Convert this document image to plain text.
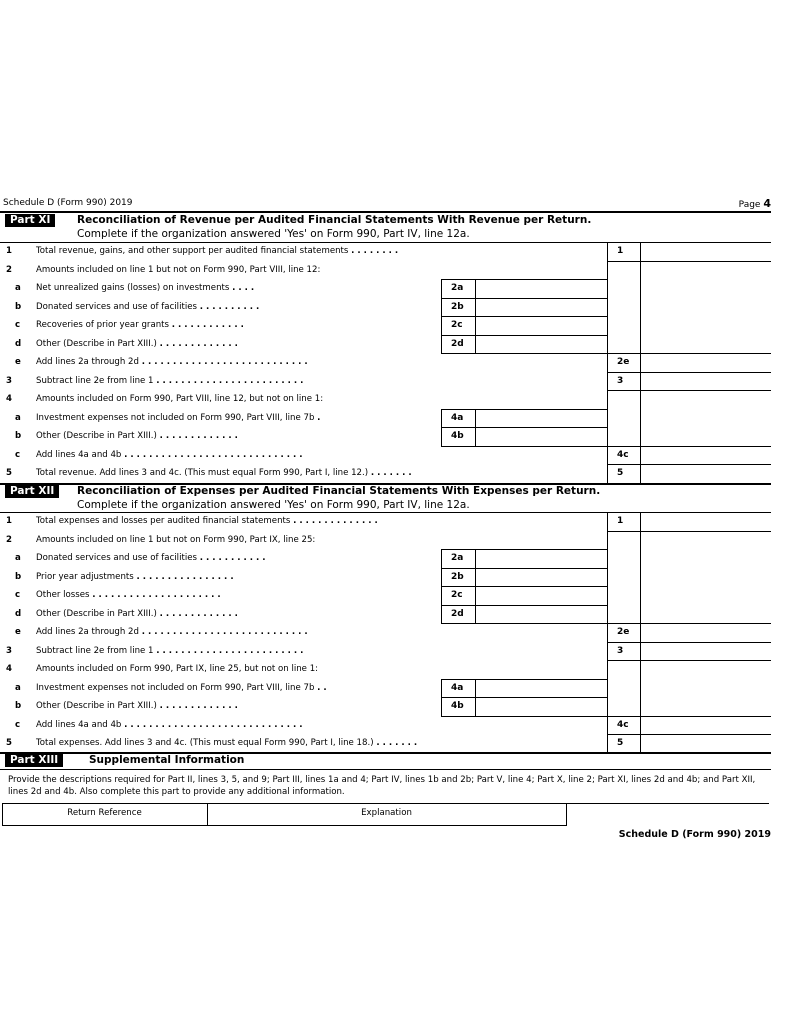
Schedule D (Form 990) 2019	Page 4
Part XI	Reconciliation of Revenue per Audited Financial Statements With Revenue per Return.
Complete if the organization answered 'Yes' on Form 990, Part IV, line 12a.
1	Total revenue, gains, and other support per audited financial statements . . . . . . . .	1
2	Amounts included on line 1 but not on Form 990, Part VIII, line 12:
a	Net unrealized gains (losses) on investments . . . .	2a
b	Donated services and use of facilities . . . . . . . . . .	2b
c	Recoveries of prior year grants . . . . . . . . . . . .	2c
d	Other (Describe in Part XIII.) . . . . . . . . . . . . .	2d
e	Add lines 2a through 2d . . . . . . . . . . . . . . . . . . . . . . . . . . .	2e
3	Subtract line 2e from line 1 . . . . . . . . . . . . . . . . . . . . . . . .	3
4	Amounts included on Form 990, Part VIII, line 12, but not on line 1:
a	Investment expenses not included on Form 990, Part VIII, line 7b .	4a
b	Other (Describe in Part XIII.) . . . . . . . . . . . . .	4b
c	Add lines 4a and 4b . . . . . . . . . . . . . . . . . . . . . . . . . . . . .	4c
5	Total revenue. Add lines 3 and 4c. (This must equal Form 990, Part I, line 12.) . . . . . . .	5
Part XII	Reconciliation of Expenses per Audited Financial Statements With Expenses per Return.
Complete if the organization answered 'Yes' on Form 990, Part IV, line 12a.
1	Total expenses and losses per audited financial statements . . . . . . . . . . . . . .	1
2	Amounts included on line 1 but not on Form 990, Part IX, line 25:
a	Donated services and use of facilities . . . . . . . . . . .	2a
b	Prior year adjustments . . . . . . . . . . . . . . . .	2b
c	Other losses . . . . . . . . . . . . . . . . . . . . .	2c
d	Other (Describe in Part XIII.) . . . . . . . . . . . . .	2d
e	Add lines 2a through 2d . . . . . . . . . . . . . . . . . . . . . . . . . . .	2e
3	Subtract line 2e from line 1 . . . . . . . . . . . . . . . . . . . . . . . .	3
4	Amounts included on Form 990, Part IX, line 25, but not on line 1:
a	Investment expenses not included on Form 990, Part VIII, line 7b . .	4a
b	Other (Describe in Part XIII.) . . . . . . . . . . . . .	4b
c	Add lines 4a and 4b . . . . . . . . . . . . . . . . . . . . . . . . . . . . .	4c
5	Total expenses. Add lines 3 and 4c. (This must equal Form 990, Part I, line 18.) . . . . . . .	5
Part XIII	Supplemental Information
Provide the descriptions required for Part II, lines 3, 5, and 9; Part III, lines 1a and 4; Part IV, lines 1b and 2b; Part V, line 4; Part X, line 2; Part XI, lines 2d and 4b; and Part XII, lines 2d and 4b. Also complete this part to provide any additional information.
Return Reference	Explanation
Schedule D (Form 990) 2019
